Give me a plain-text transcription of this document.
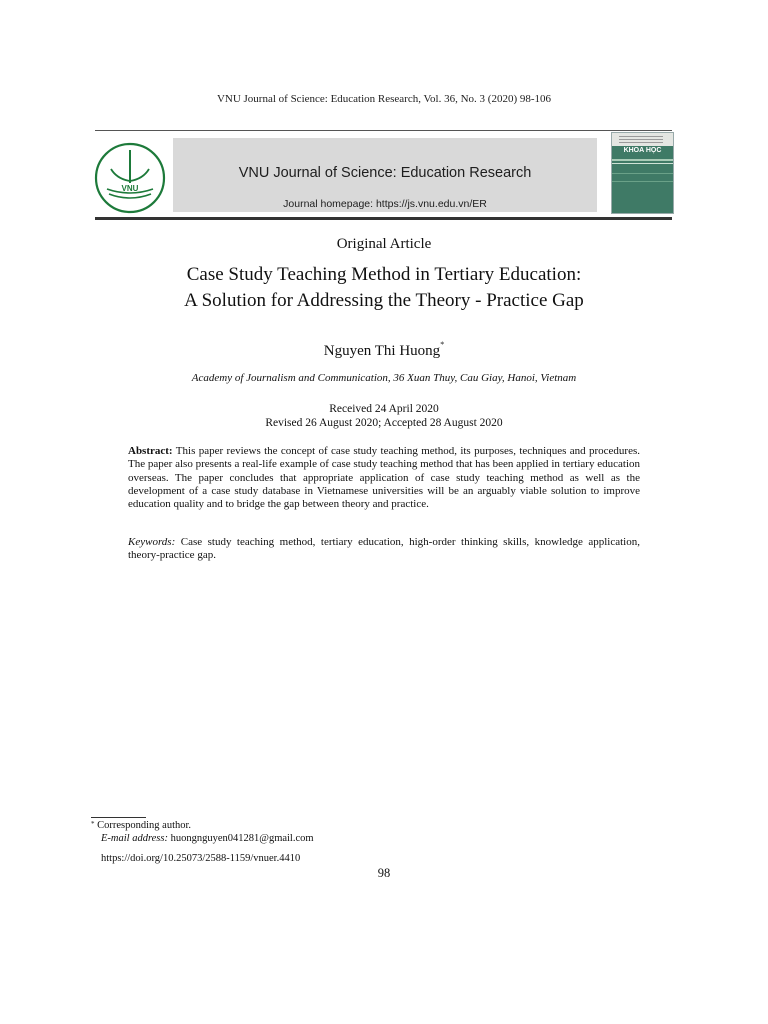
VNU Journal of Science: Education Research, Vol. 36, No. 3 (2020) 98-106
VNU
VNU Journal of Science: Education Research
Journal homepage: https://js.vnu.edu.vn/ER
KHOA HỌC
Original Article
Case Study Teaching Method in Tertiary Education:
A Solution for Addressing the Theory - Practice Gap
Nguyen Thi Huong*
Academy of Journalism and Communication, 36 Xuan Thuy, Cau Giay, Hanoi, Vietnam
Received 24 April 2020
Revised 26 August 2020; Accepted 28 August 2020

Abstract: This paper reviews the concept of case study teaching method, its purposes, techniques and procedures. The paper also presents a real-life example of case study teaching method that has been applied in tertiary education overseas. The paper concludes that appropriate application of case study teaching method as well as the development of a case study database in Vietnamese universities will be an arguably viable solution to improve education quality and to bridge the gap between theory and practice.

Keywords: Case study teaching method, tertiary education, high-order thinking skills, knowledge application, theory-practice gap.

* Corresponding author.
E-mail address: huongnguyen041281@gmail.com
https://doi.org/10.25073/2588-1159/vnuer.4410
98
